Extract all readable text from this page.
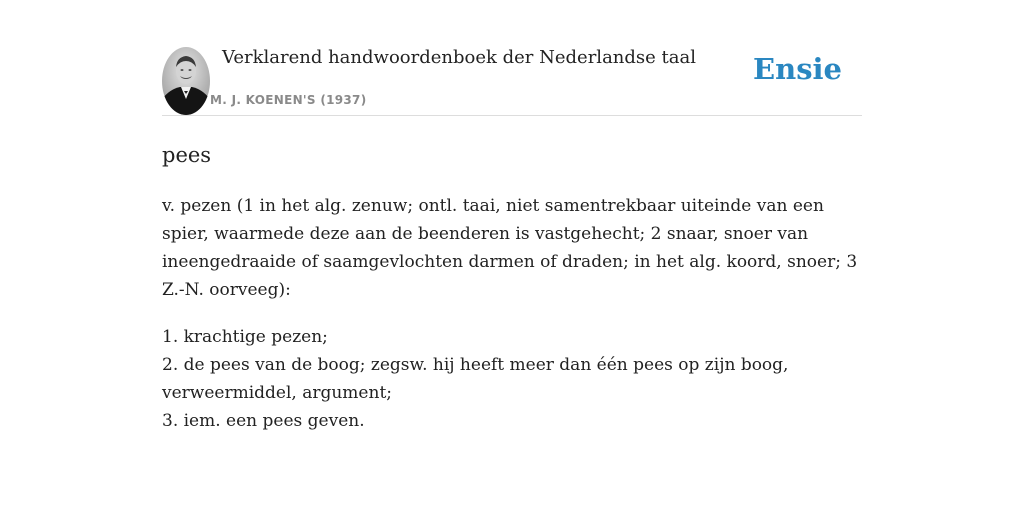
Verklarend handwoordenboek der Nederlandse taal
M. J. KOENEN'S (1937)
Ensie
pees

v. pezen (1 in het alg. zenuw; ontl. taai, niet samentrekbaar uiteinde van een spier, waarmede deze aan de beenderen is vastgehecht; 2 snaar, snoer van ineengedraaide of saamgevlochten darmen of draden; in het alg. koord, snoer; 3 Z.-N. oorveeg):

1. krachtige pezen;
2. de pees van de boog; zegsw. hij heeft meer dan één pees op zijn boog, verweermiddel, argument;
3. iem. een pees geven.
